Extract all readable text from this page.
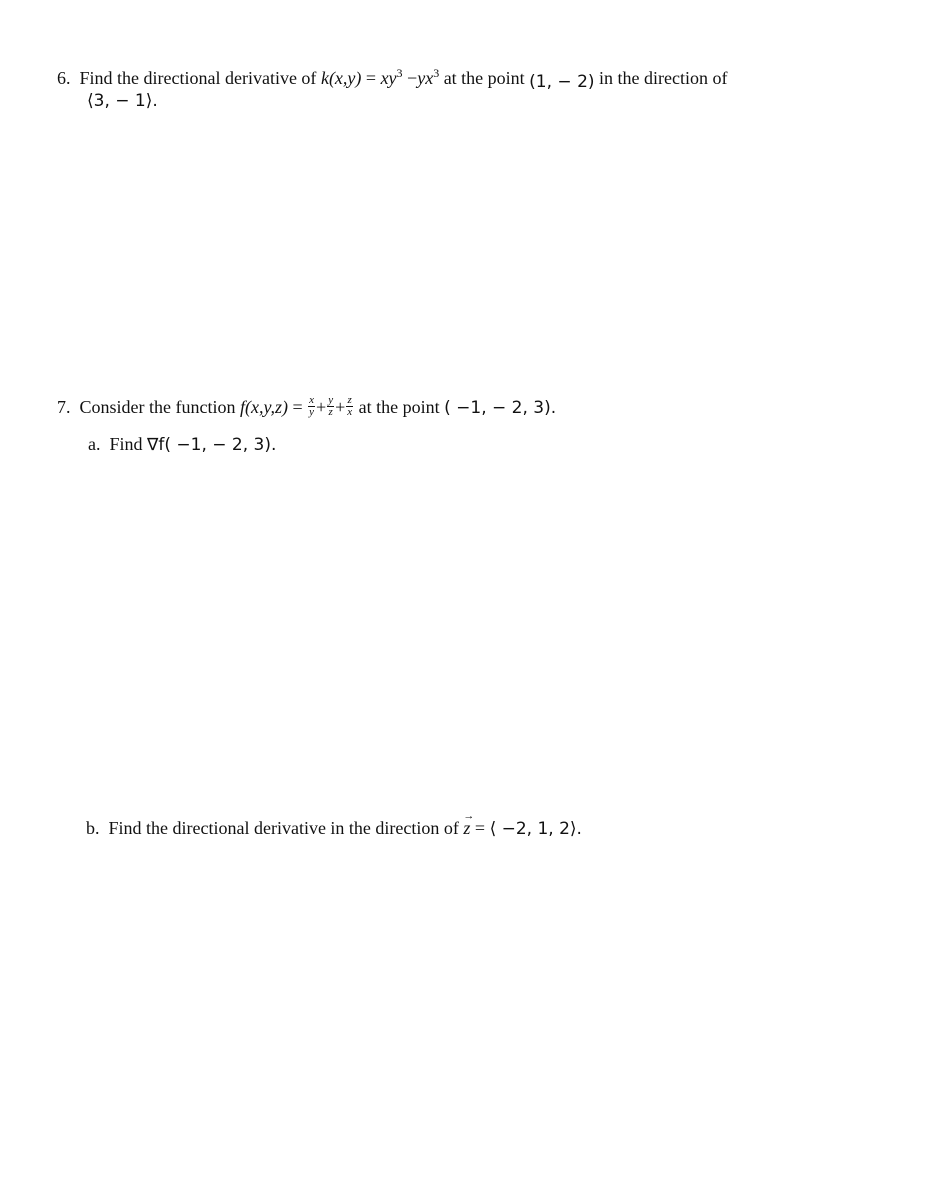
6. Find the directional derivative of $k(x,y) = xy^3 -yx^3$ at the point (1, − 2) in the direction of
⟨3, − 1⟩.
7. Consider the function $f(x,y,z) = \frac{x}{y} + \frac{y}{z} + \frac{z}{x}$ at the point ( −1, − 2, 3).
a. Find ∇f( −1, − 2, 3).
b. Find the directional derivative in the direction of → z = ⟨ −2, 1, 2⟩.
